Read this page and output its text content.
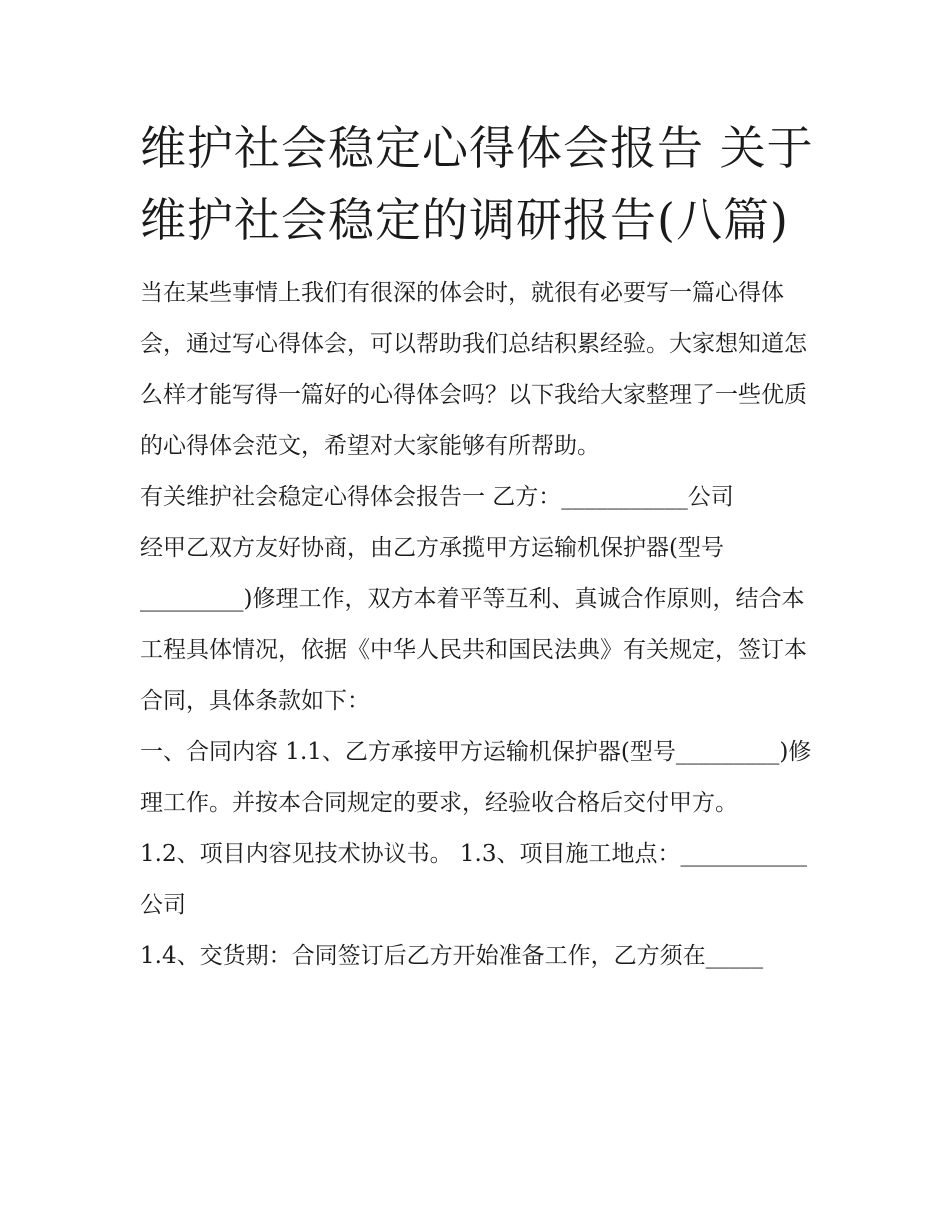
维护社会稳定心得体会报告 关于维护社会稳定的调研报告(八篇)

当在某些事情上我们有很深的体会时，就很有必要写一篇心得体会，通过写心得体会，可以帮助我们总结积累经验。大家想知道怎么样才能写得一篇好的心得体会吗？以下我给大家整理了一些优质的心得体会范文，希望对大家能够有所帮助。

有关维护社会稳定心得体会报告一 乙方：___________公司

经甲乙双方友好协商，由乙方承揽甲方运输机保护器(型号_________)修理工作，双方本着平等互利、真诚合作原则，结合本工程具体情况，依据《中华人民共和国民法典》有关规定，签订本合同，具体条款如下：

一、合同内容 1.1、乙方承接甲方运输机保护器(型号_________)修理工作。并按本合同规定的要求，经验收合格后交付甲方。

1.2、项目内容见技术协议书。 1.3、项目施工地点：___________公司

1.4、交货期：合同签订后乙方开始准备工作，乙方须在_____
